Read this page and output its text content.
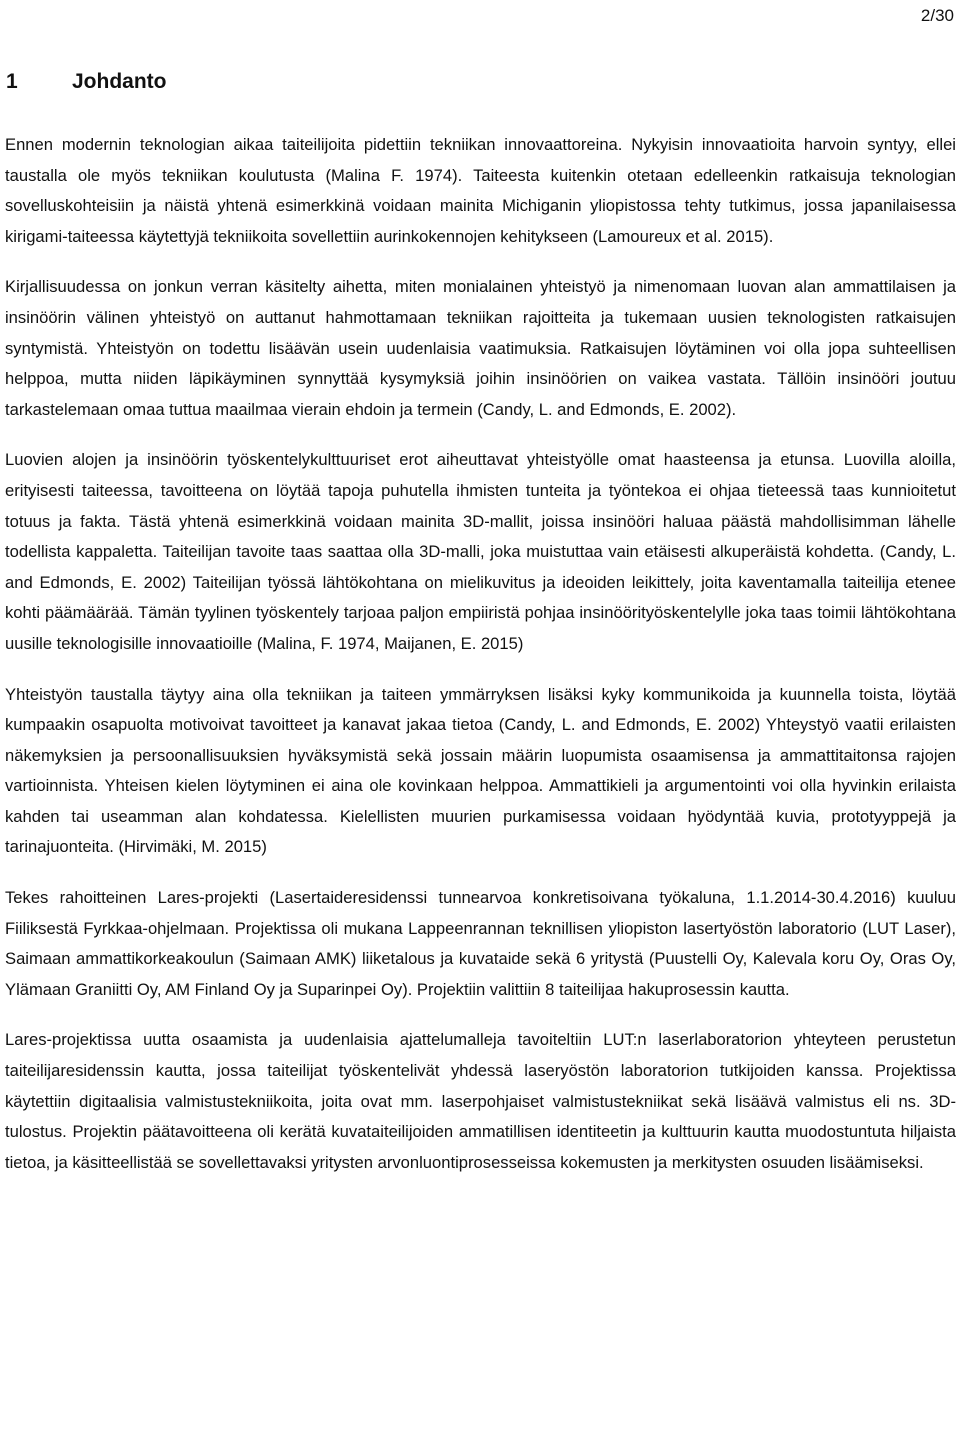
2/30

1	Johdanto

Ennen modernin teknologian aikaa taiteilijoita pidettiin tekniikan innovaattoreina. Nykyisin innovaatioita harvoin syntyy, ellei taustalla ole myös tekniikan koulutusta (Malina F. 1974). Taiteesta kuitenkin otetaan edelleenkin ratkaisuja teknologian sovelluskohteisiin ja näistä yhtenä esimerkkinä voidaan mainita Michiganin yliopistossa tehty tutkimus, jossa japanilaisessa kirigami-taiteessa käytettyjä tekniikoita sovellettiin aurinkokennojen kehitykseen (Lamoureux et al. 2015).

Kirjallisuudessa on jonkun verran käsitelty aihetta, miten monialainen yhteistyö ja nimenomaan luovan alan ammattilaisen ja insinöörin välinen yhteistyö on auttanut hahmottamaan tekniikan rajoitteita ja tukemaan uusien teknologisten ratkaisujen syntymistä. Yhteistyön on todettu lisäävän usein uudenlaisia vaatimuksia. Ratkaisujen löytäminen voi olla jopa suhteellisen helppoa, mutta niiden läpikäyminen synnyttää kysymyksiä joihin insinöörien on vaikea vastata. Tällöin insinööri joutuu tarkastelemaan omaa tuttua maailmaa vierain ehdoin ja termein (Candy, L. and Edmonds, E. 2002).

Luovien alojen ja insinöörin työskentelykulttuuriset erot aiheuttavat yhteistyölle omat haasteensa ja etunsa. Luovilla aloilla, erityisesti taiteessa, tavoitteena on löytää tapoja puhutella ihmisten tunteita ja työntekoa ei ohjaa tieteessä taas kunnioitetut totuus ja fakta. Tästä yhtenä esimerkkinä voidaan mainita 3D-mallit, joissa insinööri haluaa päästä mahdollisimman lähelle todellista kappaletta. Taiteilijan tavoite taas saattaa olla 3D-malli, joka muistuttaa vain etäisesti alkuperäistä kohdetta. (Candy, L. and Edmonds, E. 2002) Taiteilijan työssä lähtökohtana on mielikuvitus ja ideoiden leikittely, joita kaventamalla taiteilija etenee kohti päämäärää. Tämän tyylinen työskentely tarjoaa paljon empiiristä pohjaa insinöörityöskentelylle joka taas toimii lähtökohtana uusille teknologisille innovaatioille (Malina, F. 1974, Maijanen, E. 2015)

Yhteistyön taustalla täytyy aina olla tekniikan ja taiteen ymmärryksen lisäksi kyky kommunikoida ja kuunnella toista, löytää kumpaakin osapuolta motivoivat tavoitteet ja kanavat jakaa tietoa (Candy, L. and Edmonds, E. 2002) Yhteystyö vaatii erilaisten näkemyksien ja persoonallisuuksien hyväksymistä sekä jossain määrin luopumista osaamisensa ja ammattitaitonsa rajojen vartioinnista. Yhteisen kielen löytyminen ei aina ole kovinkaan helppoa. Ammattikieli ja argumentointi voi olla hyvinkin erilaista kahden tai useamman alan kohdatessa. Kielellisten muurien purkamisessa voidaan hyödyntää kuvia, prototyyppejä ja tarinajuonteita. (Hirvimäki, M. 2015)

Tekes rahoitteinen Lares-projekti (Lasertaideresidenssi tunnearvoa konkretisoivana työkaluna, 1.1.2014-30.4.2016) kuuluu Fiiliksestä Fyrkkaa-ohjelmaan. Projektissa oli mukana Lappeenrannan teknillisen yliopiston lasertyöstön laboratorio (LUT Laser), Saimaan ammattikorkeakoulun (Saimaan AMK) liiketalous ja kuvataide sekä 6 yritystä (Puustelli Oy, Kalevala koru Oy, Oras Oy, Ylämaan Graniitti Oy, AM Finland Oy ja Suparinpei Oy). Projektiin valittiin 8 taiteilijaa hakuprosessin kautta.

Lares-projektissa uutta osaamista ja uudenlaisia ajattelumalleja tavoiteltiin LUT:n laserlaboratorion yhteyteen perustetun taiteilijaresidenssin kautta, jossa taiteilijat työskentelivät yhdessä laseryöstön laboratorion tutkijoiden kanssa. Projektissa käytettiin digitaalisia valmistustekniikoita, joita ovat mm. laserpohjaiset valmistustekniikat sekä lisäävä valmistus eli ns. 3D-tulostus. Projektin päätavoitteena oli kerätä kuvataiteilijoiden ammatillisen identiteetin ja kulttuurin kautta muodostuntuta hiljaista tietoa, ja käsitteellistää se sovellettavaksi yritysten arvonluontiprosesseissa kokemusten ja merkitysten osuuden lisäämiseksi.
